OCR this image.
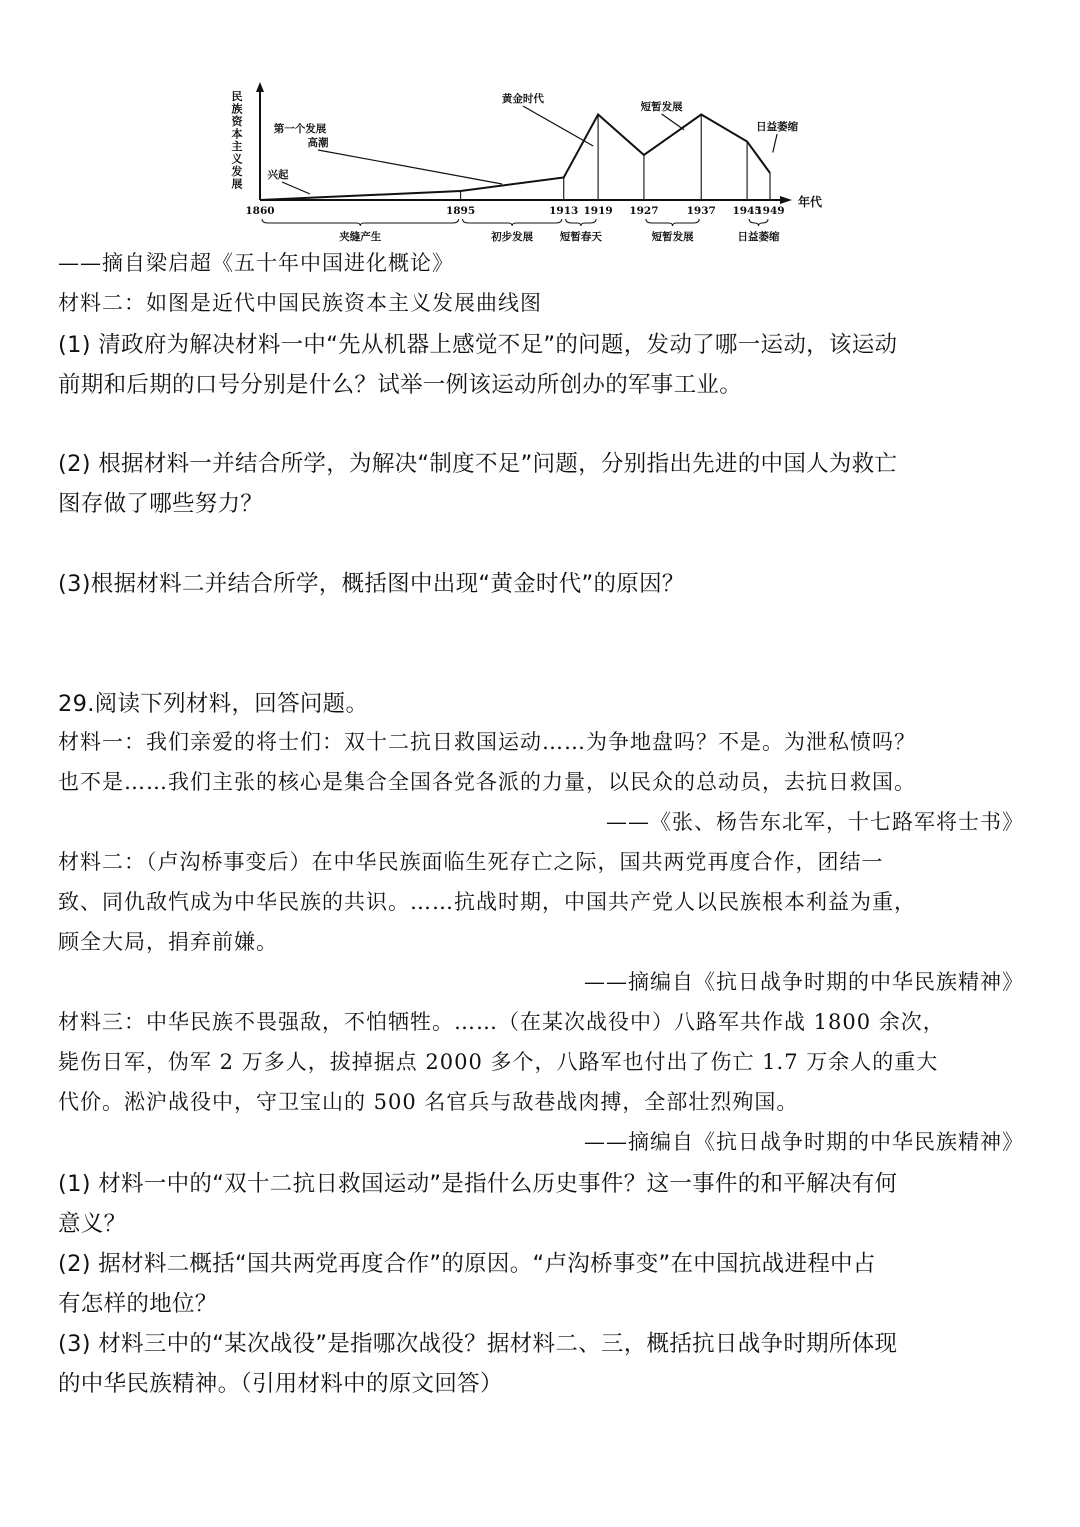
民
族
资
本
主
义
发
展
年代
1860	1895	1913 1919 1927	1937 1945
1949
夹缝产生	初步发展	短暂春天	短暂发展	日益萎缩
兴起
第一个发展
高潮
黄金时代
短暂发展
日益萎缩
——摘自梁启超《五十年中国进化概论》
材料二：如图是近代中国民族资本主义发展曲线图
(1) 清政府为解决材料一中“先从机器上感觉不足”的问题，发动了哪一运动，该运动
前期和后期的口号分别是什么？试举一例该运动所创办的军事工业。
(2) 根据材料一并结合所学，为解决“制度不足”问题，分别指出先进的中国人为救亡
图存做了哪些努力？
(3)根据材料二并结合所学，概括图中出现“黄金时代”的原因？
29.阅读下列材料，回答问题。
材料一：我们亲爱的将士们：双十二抗日救国运动……为争地盘吗？不是。为泄私愤吗？
也不是……我们主张的核心是集合全国各党各派的力量，以民众的总动员，去抗日救国。
——《张、杨告东北军，十七路军将士书》
材料二：（卢沟桥事变后）在中华民族面临生死存亡之际，国共两党再度合作，团结一
致、同仇敌忾成为中华民族的共识。……抗战时期，中国共产党人以民族根本利益为重，
顾全大局，捐弃前嫌。
——摘编自《抗日战争时期的中华民族精神》
材料三：中华民族不畏强敌，不怕牺牲。……（在某次战役中）八路军共作战 1800 余次，
毙伤日军，伪军 2 万多人，拔掉据点 2000 多个，八路军也付出了伤亡 1.7 万余人的重大
代价。淞沪战役中，守卫宝山的 500 名官兵与敌巷战肉搏，全部壮烈殉国。
——摘编自《抗日战争时期的中华民族精神》
(1) 材料一中的“双十二抗日救国运动”是指什么历史事件？这一事件的和平解决有何
意义？
(2) 据材料二概括“国共两党再度合作”的原因。“卢沟桥事变”在中国抗战进程中占
有怎样的地位？
(3) 材料三中的“某次战役”是指哪次战役？据材料二、三，概括抗日战争时期所体现
的中华民族精神。（引用材料中的原文回答）
